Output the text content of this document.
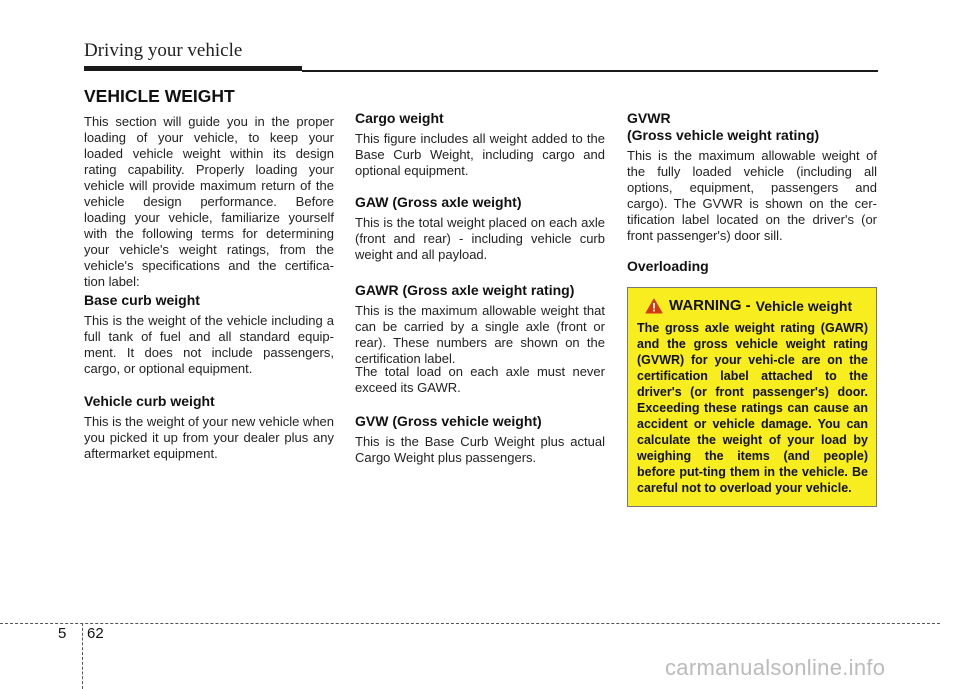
Driving your vehicle
VEHICLE WEIGHT

This section will guide you in the proper loading of your vehicle, to keep your loaded vehicle weight within its design rating capability. Properly loading your vehicle will provide maximum return of the vehicle design performance. Before loading your vehicle, familiarize yourself with the following terms for determining your vehicle's weight ratings, from the vehicle's specifications and the certifica-tion label:

Base curb weight

This is the weight of the vehicle including a full tank of fuel and all standard equip-ment. It does not include passengers, cargo, or optional equipment.

Vehicle curb weight

This is the weight of your new vehicle when you picked it up from your dealer plus any aftermarket equipment.

Cargo weight

This figure includes all weight added to the Base Curb Weight, including cargo and optional equipment.

GAW (Gross axle weight)

This is the total weight placed on each axle (front and rear) - including vehicle curb weight and all payload.

GAWR (Gross axle weight rating)

This is the maximum allowable weight that can be carried by a single axle (front or rear). These numbers are shown on the certification label.

The total load on each axle must never exceed its GAWR.

GVW (Gross vehicle weight)

This is the Base Curb Weight plus actual Cargo Weight plus passengers.

GVWR
(Gross vehicle weight rating)

This is the maximum allowable weight of the fully loaded vehicle (including all options, equipment, passengers and cargo). The GVWR is shown on the cer-tification label located on the driver's (or front passenger's) door sill.

Overloading
WARNING - Vehicle weight
The gross axle weight rating (GAWR) and the gross vehicle weight rating (GVWR) for your vehi-cle are on the certification label attached to the driver's (or front passenger's) door. Exceeding these ratings can cause an accident or vehicle damage. You can calculate the weight of your load by weighing the items (and people) before put-ting them in the vehicle. Be careful not to overload your vehicle.
5 62
carmanualsonline.info
